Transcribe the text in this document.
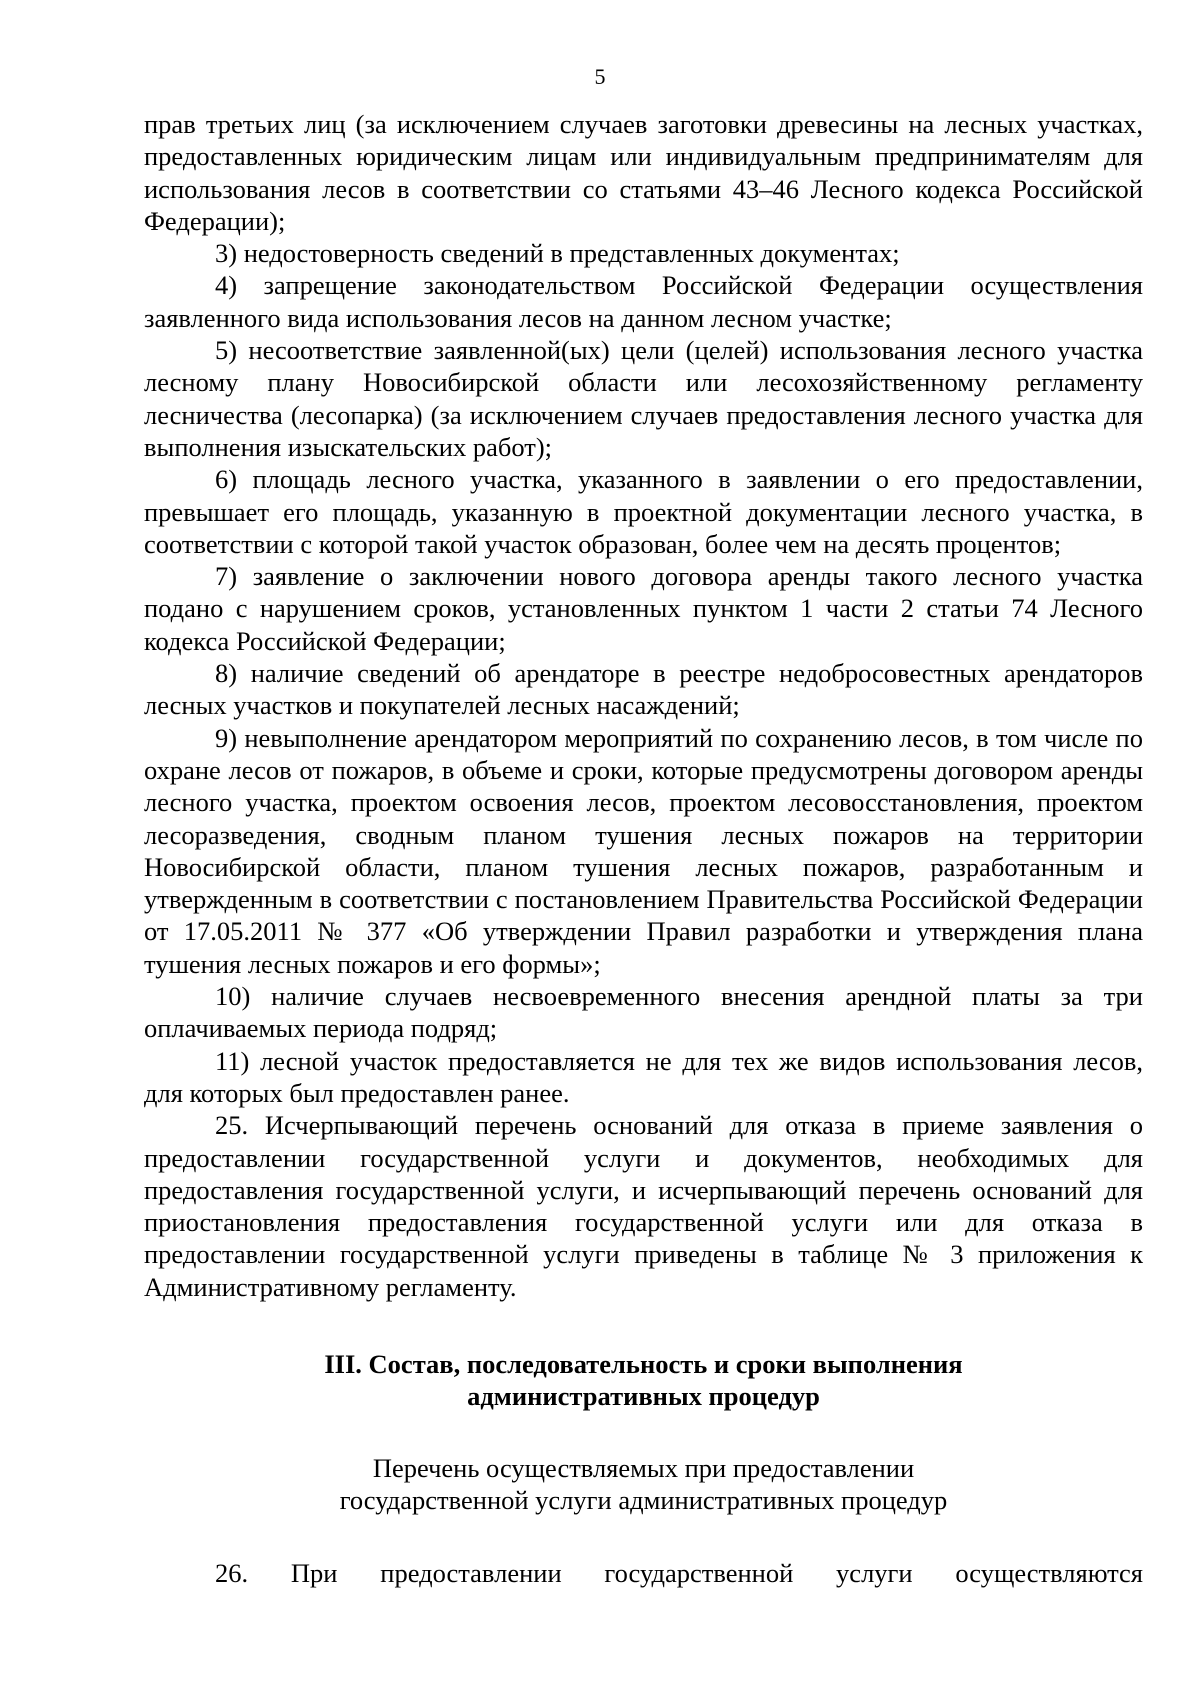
5

прав третьих лиц (за исключением случаев заготовки древесины на лесных участках, предоставленных юридическим лицам или индивидуальным предпринимателям для использования лесов в соответствии со статьями 43–46 Лесного кодекса Российской Федерации);

3) недостоверность сведений в представленных документах;

4) запрещение законодательством Российской Федерации осуществления заявленного вида использования лесов на данном лесном участке;

5) несоответствие заявленной(ых) цели (целей) использования лесного участка лесному плану Новосибирской области или лесохозяйственному регламенту лесничества (лесопарка) (за исключением случаев предоставления лесного участка для выполнения изыскательских работ);

6) площадь лесного участка, указанного в заявлении о его предоставлении, превышает его площадь, указанную в проектной документации лесного участка, в соответствии с которой такой участок образован, более чем на десять процентов;

7) заявление о заключении нового договора аренды такого лесного участка подано с нарушением сроков, установленных пунктом 1 части 2 статьи 74 Лесного кодекса Российской Федерации;

8) наличие сведений об арендаторе в реестре недобросовестных арендаторов лесных участков и покупателей лесных насаждений;

9) невыполнение арендатором мероприятий по сохранению лесов, в том числе по охране лесов от пожаров, в объеме и сроки, которые предусмотрены договором аренды лесного участка, проектом освоения лесов, проектом лесовосстановления, проектом лесоразведения, сводным планом тушения лесных пожаров на территории Новосибирской области, планом тушения лесных пожаров, разработанным и утвержденным в соответствии с постановлением Правительства Российской Федерации от 17.05.2011 № 377 «Об утверждении Правил разработки и утверждения плана тушения лесных пожаров и его формы»;

10) наличие случаев несвоевременного внесения арендной платы за три оплачиваемых периода подряд;

11) лесной участок предоставляется не для тех же видов использования лесов, для которых был предоставлен ранее.

25. Исчерпывающий перечень оснований для отказа в приеме заявления о предоставлении государственной услуги и документов, необходимых для предоставления государственной услуги, и исчерпывающий перечень оснований для приостановления предоставления государственной услуги или для отказа в предоставлении государственной услуги приведены в таблице № 3 приложения к Административному регламенту.

III. Состав, последовательность и сроки выполнения
административных процедур
Перечень осуществляемых при предоставлении
государственной услуги административных процедур

26. При предоставлении государственной услуги осуществляются
